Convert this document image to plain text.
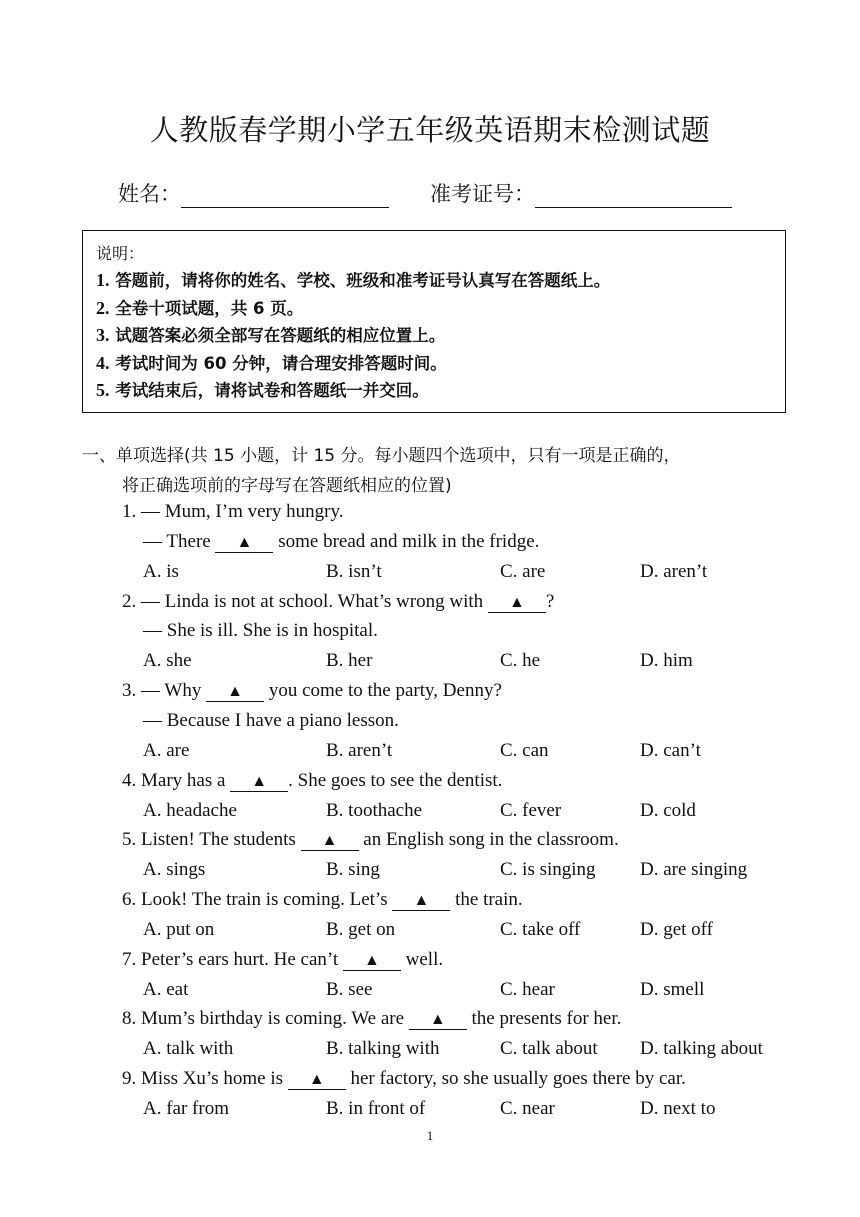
人教版春学期小学五年级英语期末检测试题
姓名：	准考证号：
说明：
1. 答题前，请将你的姓名、学校、班级和准考证号认真写在答题纸上。
2. 全卷十项试题，共 6 页。
3. 试题答案必须全部写在答题纸的相应位置上。
4. 考试时间为 60 分钟，请合理安排答题时间。
5. 考试结束后，请将试卷和答题纸一并交回。
一、单项选择(共 15 小题，计 15 分。每小题四个选项中，只有一项是正确的，
将正确选项前的字母写在答题纸相应的位置)
1. — Mum, I’m very hungry.
— There ▲ some bread and milk in the fridge.
A. is	B. isn’t	C. are	D. aren’t
2. — Linda is not at school. What’s wrong with ▲ ?
— She is ill. She is in hospital.
A. she	B. her	C. he	D. him
3. — Why ▲ you come to the party, Denny?
— Because I have a piano lesson.
A. are	B. aren’t	C. can	D. can’t
4. Mary has a ▲ . She goes to see the dentist.
A. headache	B. toothache	C. fever	D. cold
5. Listen! The students ▲ an English song in the classroom.
A. sings	B. sing	C. is singing D. are singing
6. Look! The train is coming. Let’s ▲ the train.
A. put on	B. get on	C. take off	D. get off
7. Peter’s ears hurt. He can’t ▲ well.
A. eat	B. see	C. hear	D. smell
8. Mum’s birthday is coming. We are ▲ the presents for her.
A. talk with	B. talking with	C. talk about D. talking about
9. Miss Xu’s home is ▲ her factory, so she usually goes there by car.
A. far from	B. in front of	C. near	D. next to
1
